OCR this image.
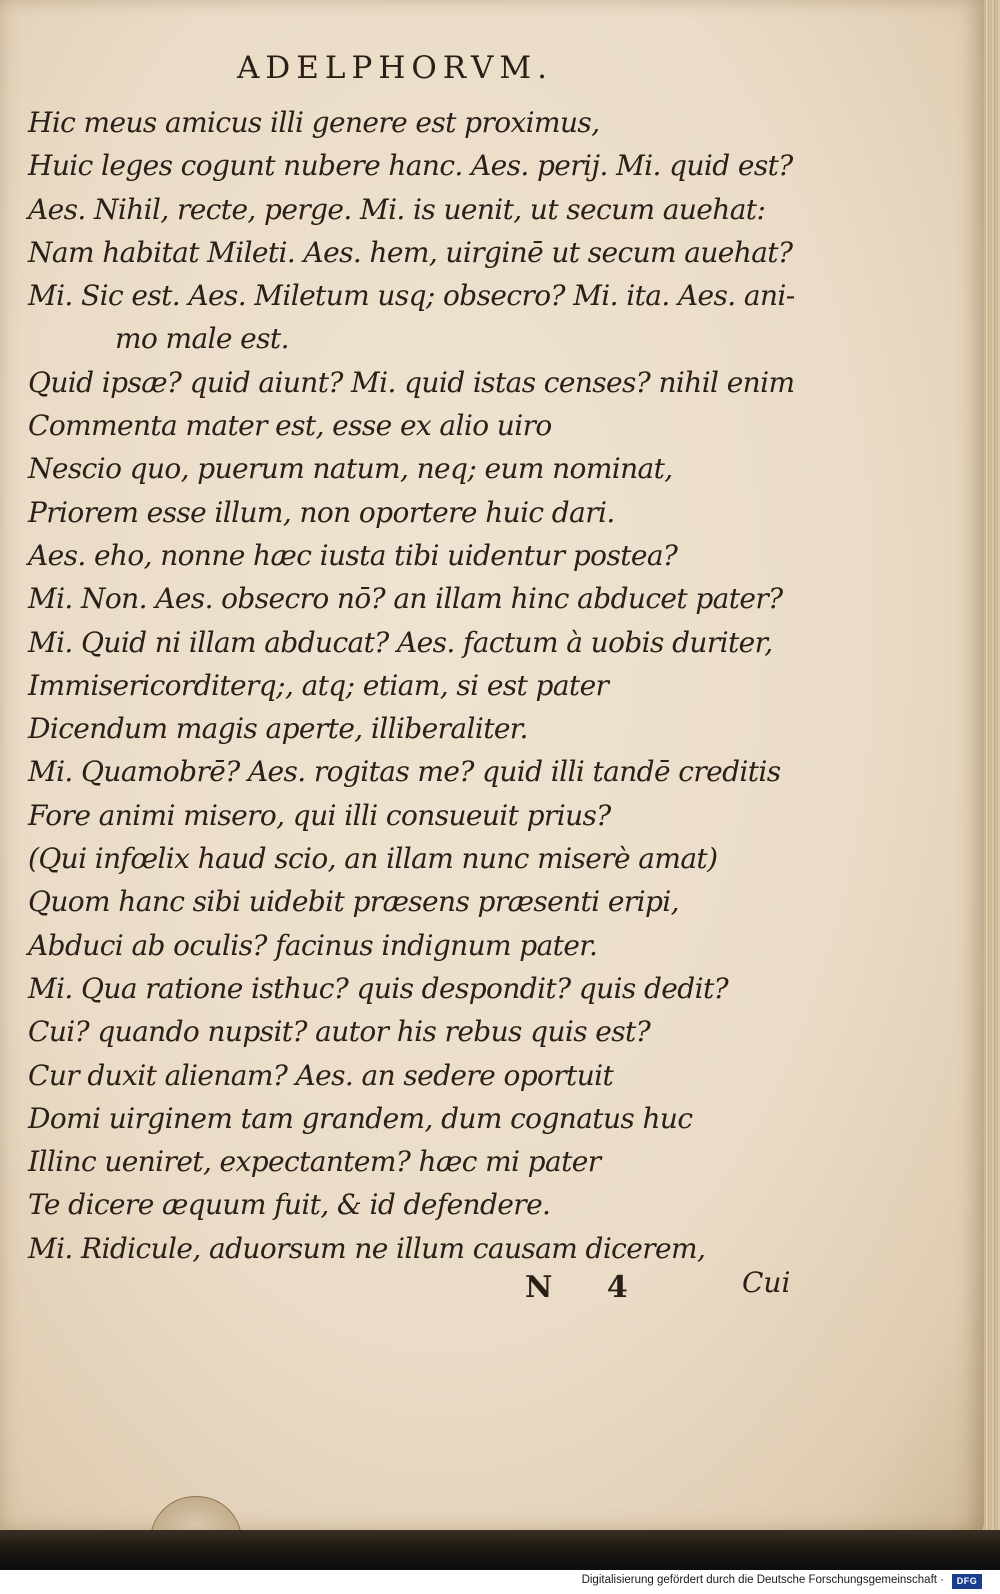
ADELPHORVM.
Hic meus amicus illi genere est proximus,
Huic leges cogunt nubere hanc. Aes. perij. Mi. quid est?
Aes. Nihil, recte, perge. Mi. is uenit, ut secum auehat:
Nam habitat Mileti. Aes. hem, uirginē ut secum auehat?
Mi. Sic est. Aes. Miletum usq; obsecro? Mi. ita. Aes. ani-
mo male est.
Quid ipsæ? quid aiunt? Mi. quid istas censes? nihil enim
Commenta mater est, esse ex alio uiro
Nescio quo, puerum natum, neq; eum nominat,
Priorem esse illum, non oportere huic dari.
Aes. eho, nonne hæc iusta tibi uidentur postea?
Mi. Non. Aes. obsecro nō? an illam hinc abducet pater?
Mi. Quid ni illam abducat? Aes. factum à uobis duriter,
Immisericorditerq;, atq; etiam, si est pater
Dicendum magis aperte, illiberaliter.
Mi. Quamobrē? Aes. rogitas me? quid illi tandē creditis
Fore animi misero, qui illi consueuit prius?
(Qui infœlix haud scio, an illam nunc miserè amat)
Quom hanc sibi uidebit præsens præsenti eripi,
Abduci ab oculis? facinus indignum pater.
Mi. Qua ratione isthuc? quis despondit? quis dedit?
Cui? quando nupsit? autor his rebus quis est?
Cur duxit alienam? Aes. an sedere oportuit
Domi uirginem tam grandem, dum cognatus huc
Illinc ueniret, expectantem? hæc mi pater
Te dicere æquum fuit, & id defendere.
Mi. Ridicule, aduorsum ne illum causam dicerem,
N 4	Cui
Digitalisierung gefördert durch die Deutsche Forschungsgemeinschaft ·	DFG
